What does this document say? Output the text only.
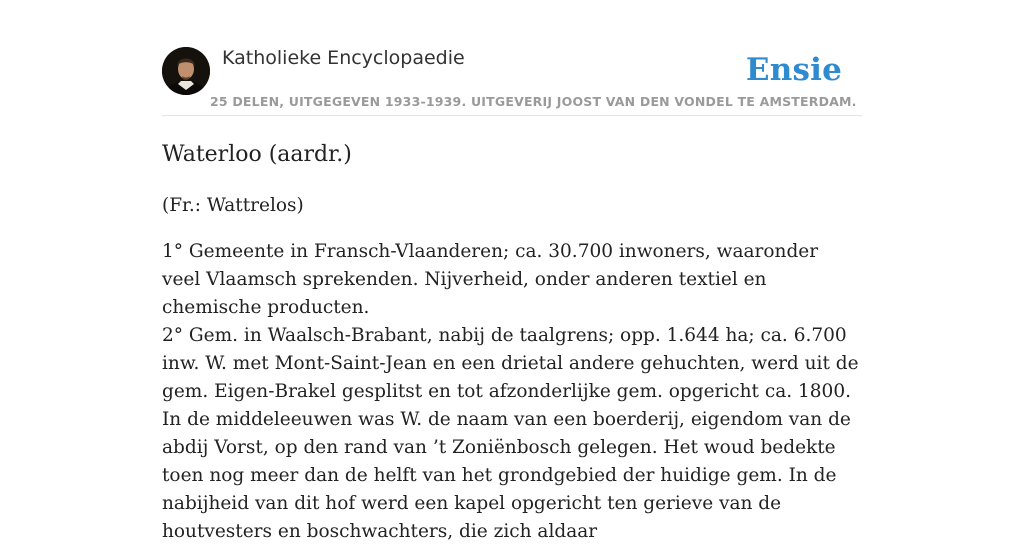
Katholieke Encyclopaedie	Ensie
25 DELEN, UITGEGEVEN 1933-1939. UITGEVERIJ JOOST VAN DEN VONDEL TE AMSTERDAM.
Waterloo (aardr.)

(Fr.: Wattrelos)

1° Gemeente in Fransch-Vlaanderen; ca. 30.700 inwoners, waaronder veel Vlaamsch sprekenden. Nijverheid, onder anderen textiel en chemische producten.

2° Gem. in Waalsch-Brabant, nabij de taalgrens; opp. 1.644 ha; ca. 6.700 inw. W. met Mont-Saint-Jean en een drietal andere gehuchten, werd uit de gem. Eigen-Brakel gesplitst en tot afzonderlijke gem. opgericht ca. 1800. In de middeleeuwen was W. de naam van een boerderij, eigendom van de abdij Vorst, op den rand van ’t Zoniënbosch gelegen. Het woud bedekte toen nog meer dan de helft van het grondgebied der huidige gem. In de nabijheid van dit hof werd een kapel opgericht ten gerieve van de houtvesters en boschwachters, die zich aldaar
